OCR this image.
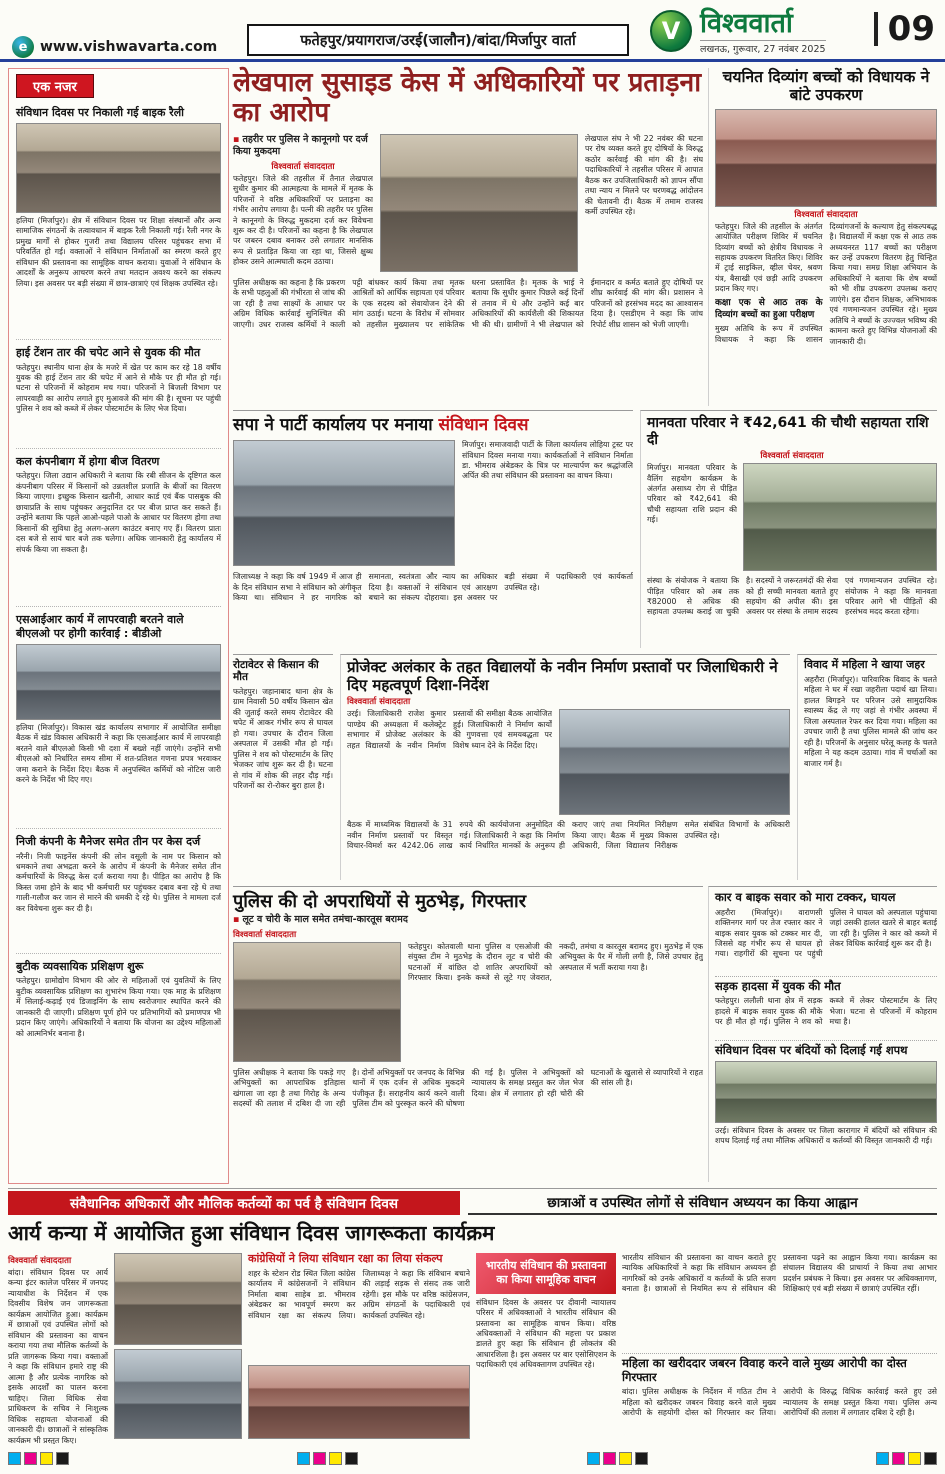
e www.vishwavarta.com	फतेहपुर/प्रयागराज/उरई(जालौन)/बांदा/मिर्जापुर वार्ता	V विश्ववार्ता
लखनऊ, गुरूवार, 27 नवंबर 2025
09
एक नजर
संविधान दिवस पर निकाली गई बाइक रैली

हलिया (मिर्जापुर)। क्षेत्र में संविधान दिवस पर शिक्षा संस्थानों और अन्य सामाजिक संगठनों के तत्वावधान में बाइक रैली निकाली गई। रैली नगर के प्रमुख मार्गों से होकर गुजरी तथा विद्यालय परिसर पहुंचकर सभा में परिवर्तित हो गई। वक्ताओं ने संविधान निर्माताओं का स्मरण करते हुए संविधान की प्रस्तावना का सामूहिक वाचन कराया। युवाओं ने संविधान के आदर्शों के अनुरूप आचरण करने तथा मतदान अवश्य करने का संकल्प लिया। इस अवसर पर बड़ी संख्या में छात्र-छात्राएं एवं शिक्षक उपस्थित रहे।

हाई टेंशन तार की चपेट आने से युवक की मौत

फतेहपुर। स्थानीय थाना क्षेत्र के मजरे में खेत पर काम कर रहे 18 वर्षीय युवक की हाई टेंशन तार की चपेट में आने से मौके पर ही मौत हो गई। घटना से परिजनों में कोहराम मच गया। परिजनों ने बिजली विभाग पर लापरवाही का आरोप लगाते हुए मुआवजे की मांग की है। सूचना पर पहुंची पुलिस ने शव को कब्जे में लेकर पोस्टमार्टम के लिए भेज दिया।

कल कंपनीबाग में होगा बीज वितरण

फतेहपुर। जिला उद्यान अधिकारी ने बताया कि रबी सीजन के दृष्टिगत कल कंपनीबाग परिसर में किसानों को उन्नतशील प्रजाति के बीजों का वितरण किया जाएगा। इच्छुक किसान खतौनी, आधार कार्ड एवं बैंक पासबुक की छायाप्रति के साथ पहुंचकर अनुदानित दर पर बीज प्राप्त कर सकते हैं। उन्होंने बताया कि पहले आओ-पहले पाओ के आधार पर वितरण होगा तथा किसानों की सुविधा हेतु अलग-अलग काउंटर बनाए गए हैं। वितरण प्रातः दस बजे से सायं चार बजे तक चलेगा। अधिक जानकारी हेतु कार्यालय में संपर्क किया जा सकता है।

एसआईआर कार्य में लापरवाही बरतने वाले बीएलओ पर होगी कार्रवाई : बीडीओ

हलिया (मिर्जापुर)। विकास खंड कार्यालय सभागार में आयोजित समीक्षा बैठक में खंड विकास अधिकारी ने कहा कि एसआईआर कार्य में लापरवाही बरतने वाले बीएलओ किसी भी दशा में बख्शे नहीं जाएंगे। उन्होंने सभी बीएलओ को निर्धारित समय सीमा में शत-प्रतिशत गणना प्रपत्र भरवाकर जमा कराने के निर्देश दिए। बैठक में अनुपस्थित कर्मियों को नोटिस जारी करने के निर्देश भी दिए गए।

निजी कंपनी के मैनेजर समेत तीन पर केस दर्ज

नरैनी। निजी फाइनेंस कंपनी की लोन वसूली के नाम पर किसान को धमकाने तथा अभद्रता करने के आरोप में कंपनी के मैनेजर समेत तीन कर्मचारियों के विरुद्ध केस दर्ज कराया गया है। पीड़ित का आरोप है कि किस्त जमा होने के बाद भी कर्मचारी घर पहुंचकर दबाव बना रहे थे तथा गाली-गलौज कर जान से मारने की धमकी दे रहे थे। पुलिस ने मामला दर्ज कर विवेचना शुरू कर दी है।

बुटीक व्यवसायिक प्रशिक्षण शुरू

फतेहपुर। ग्रामोद्योग विभाग की ओर से महिलाओं एवं युवतियों के लिए बुटीक व्यवसायिक प्रशिक्षण का शुभारंभ किया गया। एक माह के प्रशिक्षण में सिलाई-कढ़ाई एवं डिजाइनिंग के साथ स्वरोजगार स्थापित करने की जानकारी दी जाएगी। प्रशिक्षण पूर्ण होने पर प्रतिभागियों को प्रमाणपत्र भी प्रदान किए जाएंगे। अधिकारियों ने बताया कि योजना का उद्देश्य महिलाओं को आत्मनिर्भर बनाना है।

लेखपाल सुसाइड केस में अधिकारियों पर प्रताड़ना का आरोप
▪ तहरीर पर पुलिस ने कानूनगो पर दर्ज किया मुकदमा
विश्ववार्ता संवाददाता

फतेहपुर। जिले की तहसील में तैनात लेखपाल सुधीर कुमार की आत्महत्या के मामले में मृतक के परिजनों ने वरिष्ठ अधिकारियों पर प्रताड़ना का गंभीर आरोप लगाया है। पत्नी की तहरीर पर पुलिस ने कानूनगो के विरुद्ध मुकदमा दर्ज कर विवेचना शुरू कर दी है। परिजनों का कहना है कि लेखपाल पर जबरन दबाव बनाकर उसे लगातार मानसिक रूप से प्रताड़ित किया जा रहा था, जिससे क्षुब्ध होकर उसने आत्मघाती कदम उठाया।

लेखपाल संघ ने भी 22 नवंबर की घटना पर रोष व्यक्त करते हुए दोषियों के विरुद्ध कठोर कार्रवाई की मांग की है। संघ पदाधिकारियों ने तहसील परिसर में आपात बैठक कर उपजिलाधिकारी को ज्ञापन सौंपा तथा न्याय न मिलने पर चरणबद्ध आंदोलन की चेतावनी दी। बैठक में तमाम राजस्व कर्मी उपस्थित रहे।

पुलिस अधीक्षक का कहना है कि प्रकरण के सभी पहलुओं की गंभीरता से जांच की जा रही है तथा साक्ष्यों के आधार पर अग्रिम विधिक कार्रवाई सुनिश्चित की जाएगी। उधर राजस्व कर्मियों ने काली पट्टी बांधकर कार्य किया तथा मृतक आश्रितों को आर्थिक सहायता एवं परिवार के एक सदस्य को सेवायोजन देने की मांग उठाई। घटना के विरोध में सोमवार को तहसील मुख्यालय पर सांकेतिक धरना प्रस्तावित है। मृतक के भाई ने बताया कि सुधीर कुमार पिछले कई दिनों से तनाव में थे और उन्होंने कई बार अधिकारियों की कार्यशैली की शिकायत भी की थी। ग्रामीणों ने भी लेखपाल को ईमानदार व कर्मठ बताते हुए दोषियों पर शीघ्र कार्रवाई की मांग की। प्रशासन ने परिजनों को हरसंभव मदद का आश्वासन दिया है। एसडीएम ने कहा कि जांच रिपोर्ट शीघ्र शासन को भेजी जाएगी।

चयनित दिव्यांग बच्चों को विधायक ने बांटे उपकरण
विश्ववार्ता संवाददाता
फतेहपुर। जिले की तहसील के अंतर्गत आयोजित परीक्षण शिविर में चयनित दिव्यांग बच्चों को क्षेत्रीय विधायक ने सहायक उपकरण वितरित किए। शिविर में ट्राई साइकिल, व्हील चेयर, श्रवण यंत्र, बैसाखी एवं छड़ी आदि उपकरण प्रदान किए गए।
कक्षा एक से आठ तक के दिव्यांग बच्चों का हुआ परीक्षण
मुख्य अतिथि के रूप में उपस्थित विधायक ने कहा कि शासन दिव्यांगजनों के कल्याण हेतु संकल्पबद्ध है। विद्यालयों में कक्षा एक से आठ तक अध्ययनरत 117 बच्चों का परीक्षण कर उन्हें उपकरण वितरण हेतु चिन्हित किया गया। समग्र शिक्षा अभियान के अधिकारियों ने बताया कि शेष बच्चों को भी शीघ्र उपकरण उपलब्ध कराए जाएंगे। इस दौरान शिक्षक, अभिभावक एवं गणमान्यजन उपस्थित रहे। मुख्य अतिथि ने बच्चों के उज्ज्वल भविष्य की कामना करते हुए विभिन्न योजनाओं की जानकारी दी।
सपा ने पार्टी कार्यालय पर मनाया संविधान दिवस

मिर्जापुर। समाजवादी पार्टी के जिला कार्यालय लोहिया ट्रस्ट पर संविधान दिवस मनाया गया। कार्यकर्ताओं ने संविधान निर्माता डा. भीमराव अंबेडकर के चित्र पर माल्यार्पण कर श्रद्धांजलि अर्पित की तथा संविधान की प्रस्तावना का वाचन किया।

जिलाध्यक्ष ने कहा कि वर्ष 1949 में आज ही के दिन संविधान सभा ने संविधान को अंगीकृत किया था। संविधान ने हर नागरिक को समानता, स्वतंत्रता और न्याय का अधिकार दिया है। वक्ताओं ने संविधान एवं आरक्षण बचाने का संकल्प दोहराया। इस अवसर पर बड़ी संख्या में पदाधिकारी एवं कार्यकर्ता उपस्थित रहे।

मानवता परिवार ने ₹42,641 की चौथी सहायता राशि दी
विश्ववार्ता संवाददाता

मिर्जापुर। मानवता परिवार के वैलिंग सहयोग कार्यक्रम के अंतर्गत असाध्य रोग से पीड़ित परिवार को ₹42,641 की चौथी सहायता राशि प्रदान की गई।

संस्था के संयोजक ने बताया कि पीड़ित परिवार को अब तक ₹82000 से अधिक की सहायता उपलब्ध कराई जा चुकी है। सदस्यों ने जरूरतमंदों की सेवा को ही सच्ची मानवता बताते हुए सहयोग की अपील की। इस अवसर पर संस्था के तमाम सदस्य एवं गणमान्यजन उपस्थित रहे। संयोजक ने कहा कि मानवता परिवार आगे भी पीड़ितों की हरसंभव मदद करता रहेगा।

रोटावेटर से किसान की मौत

फतेहपुर। जहानाबाद थाना क्षेत्र के ग्राम निवासी 50 वर्षीय किसान खेत की जुताई करते समय रोटावेटर की चपेट में आकर गंभीर रूप से घायल हो गया। उपचार के दौरान जिला अस्पताल में उसकी मौत हो गई। पुलिस ने शव को पोस्टमार्टम के लिए भेजकर जांच शुरू कर दी है। घटना से गांव में शोक की लहर दौड़ गई। परिजनों का रो-रोकर बुरा हाल है।

प्रोजेक्ट अलंकार के तहत विद्यालयों के नवीन निर्माण प्रस्तावों पर जिलाधिकारी ने दिए महत्वपूर्ण दिशा-निर्देश
विश्ववार्ता संवाददाता

उरई। जिलाधिकारी राजेश कुमार पाण्डेय की अध्यक्षता में कलेक्ट्रेट सभागार में प्रोजेक्ट अलंकार के तहत विद्यालयों के नवीन निर्माण प्रस्तावों की समीक्षा बैठक आयोजित हुई। जिलाधिकारी ने निर्माण कार्यों की गुणवत्ता एवं समयबद्धता पर विशेष ध्यान देने के निर्देश दिए।

बैठक में माध्यमिक विद्यालयों के 31 नवीन निर्माण प्रस्तावों पर विस्तृत विचार-विमर्श कर 4242.06 लाख रुपये की कार्ययोजना अनुमोदित की गई। जिलाधिकारी ने कहा कि निर्माण कार्य निर्धारित मानकों के अनुरूप ही कराए जाएं तथा नियमित निरीक्षण किया जाए। बैठक में मुख्य विकास अधिकारी, जिला विद्यालय निरीक्षक समेत संबंधित विभागों के अधिकारी उपस्थित रहे।

विवाद में महिला ने खाया जहर

अहरौरा (मिर्जापुर)। पारिवारिक विवाद के चलते महिला ने घर में रखा जहरीला पदार्थ खा लिया। हालत बिगड़ने पर परिजन उसे सामुदायिक स्वास्थ्य केंद्र ले गए जहां से गंभीर अवस्था में जिला अस्पताल रेफर कर दिया गया। महिला का उपचार जारी है तथा पुलिस मामले की जांच कर रही है। परिजनों के अनुसार घरेलू कलह के चलते महिला ने यह कदम उठाया। गांव में चर्चाओं का बाजार गर्म है।

पुलिस की दो अपराधियों से मुठभेड़, गिरफ्तार
▪ लूट व चोरी के माल समेत तमंचा-कारतूस बरामद
विश्ववार्ता संवाददाता

फतेहपुर। कोतवाली थाना पुलिस व एसओजी की संयुक्त टीम ने मुठभेड़ के दौरान लूट व चोरी की घटनाओं में वांछित दो शातिर अपराधियों को गिरफ्तार किया। इनके कब्जे से लूटे गए जेवरात, नकदी, तमंचा व कारतूस बरामद हुए। मुठभेड़ में एक अभियुक्त के पैर में गोली लगी है, जिसे उपचार हेतु अस्पताल में भर्ती कराया गया है।

पुलिस अधीक्षक ने बताया कि पकड़े गए अभियुक्तों का आपराधिक इतिहास खंगाला जा रहा है तथा गिरोह के अन्य सदस्यों की तलाश में दबिश दी जा रही है। दोनों अभियुक्तों पर जनपद के विभिन्न थानों में एक दर्जन से अधिक मुकदमे पंजीकृत हैं। सराहनीय कार्य करने वाली पुलिस टीम को पुरस्कृत करने की घोषणा की गई है। पुलिस ने अभियुक्तों को न्यायालय के समक्ष प्रस्तुत कर जेल भेज दिया। क्षेत्र में लगातार हो रही चोरी की घटनाओं के खुलासे से व्यापारियों ने राहत की सांस ली है।

कार व बाइक सवार को मारा टक्कर, घायल

अहरौरा (मिर्जापुर)। वाराणसी शक्तिनगर मार्ग पर तेज रफ्तार कार ने बाइक सवार युवक को टक्कर मार दी, जिससे वह गंभीर रूप से घायल हो गया। राहगीरों की सूचना पर पहुंची पुलिस ने घायल को अस्पताल पहुंचाया जहां उसकी हालत खतरे से बाहर बताई जा रही है। पुलिस ने कार को कब्जे में लेकर विधिक कार्रवाई शुरू कर दी है।

सड़क हादसा में युवक की मौत

फतेहपुर। ललौली थाना क्षेत्र में सड़क हादसे में बाइक सवार युवक की मौके पर ही मौत हो गई। पुलिस ने शव को कब्जे में लेकर पोस्टमार्टम के लिए भेजा। घटना से परिजनों में कोहराम मचा है।

संविधान दिवस पर बंदियों को दिलाई गई शपथ

उरई। संविधान दिवस के अवसर पर जिला कारागार में बंदियों को संविधान की शपथ दिलाई गई तथा मौलिक अधिकारों व कर्तव्यों की विस्तृत जानकारी दी गई।

संवैधानिक अधिकारों और मौलिक कर्तव्यों का पर्व है संविधान दिवस	छात्राओं व उपस्थित लोगों से संविधान अध्ययन का किया आह्वान
आर्य कन्या में आयोजित हुआ संविधान दिवस जागरूकता कार्यक्रम
विश्ववार्ता संवाददाता

बांदा। संविधान दिवस पर आर्य कन्या इंटर कालेज परिसर में जनपद न्यायाधीश के निर्देशन में एक दिवसीय विशेष जन जागरूकता कार्यक्रम आयोजित हुआ। कार्यक्रम में छात्राओं एवं उपस्थित लोगों को संविधान की प्रस्तावना का वाचन कराया गया तथा मौलिक कर्तव्यों के प्रति जागरूक किया गया। वक्ताओं ने कहा कि संविधान हमारे राष्ट्र की आत्मा है और प्रत्येक नागरिक को इसके आदर्शों का पालन करना चाहिए। जिला विधिक सेवा प्राधिकरण के सचिव ने निःशुल्क विधिक सहायता योजनाओं की जानकारी दी। छात्राओं ने सांस्कृतिक कार्यक्रम भी प्रस्तुत किए।

कांग्रेसियों ने लिया संविधान रक्षा का लिया संकल्प

शहर के स्टेशन रोड स्थित जिला कांग्रेस कार्यालय में कांग्रेसजनों ने संविधान निर्माता बाबा साहेब डा. भीमराव अंबेडकर का भावपूर्ण स्मरण कर संविधान रक्षा का संकल्प लिया। जिलाध्यक्ष ने कहा कि संविधान बचाने की लड़ाई सड़क से संसद तक जारी रहेगी। इस मौके पर वरिष्ठ कांग्रेसजन, अग्रिम संगठनों के पदाधिकारी एवं कार्यकर्ता उपस्थित रहे।

भारतीय संविधान की प्रस्तावना का किया सामूहिक वाचन

संविधान दिवस के अवसर पर दीवानी न्यायालय परिसर में अधिवक्ताओं ने भारतीय संविधान की प्रस्तावना का सामूहिक वाचन किया। वरिष्ठ अधिवक्ताओं ने संविधान की महत्ता पर प्रकाश डालते हुए कहा कि संविधान ही लोकतंत्र की आधारशिला है। इस अवसर पर बार एसोसिएशन के पदाधिकारी एवं अधिवक्तागण उपस्थित रहे।

भारतीय संविधान की प्रस्तावना का वाचन कराते हुए न्यायिक अधिकारियों ने कहा कि संविधान अध्ययन ही नागरिकों को उनके अधिकारों व कर्तव्यों के प्रति सजग बनाता है। छात्राओं से नियमित रूप से संविधान की प्रस्तावना पढ़ने का आह्वान किया गया। कार्यक्रम का संचालन विद्यालय की प्राचार्या ने किया तथा आभार प्रदर्शन प्रबंधक ने किया। इस अवसर पर अधिवक्तागण, शिक्षिकाएं एवं बड़ी संख्या में छात्राएं उपस्थित रहीं।

महिला का खरीददार जबरन विवाह करने वाले मुख्य आरोपी का दोस्त गिरफ्तार

बांदा। पुलिस अधीक्षक के निर्देशन में गठित टीम ने महिला को खरीदकर जबरन विवाह करने वाले मुख्य आरोपी के सहयोगी दोस्त को गिरफ्तार कर लिया। आरोपी के विरुद्ध विधिक कार्रवाई करते हुए उसे न्यायालय के समक्ष प्रस्तुत किया गया। पुलिस अन्य आरोपियों की तलाश में लगातार दबिश दे रही है।
